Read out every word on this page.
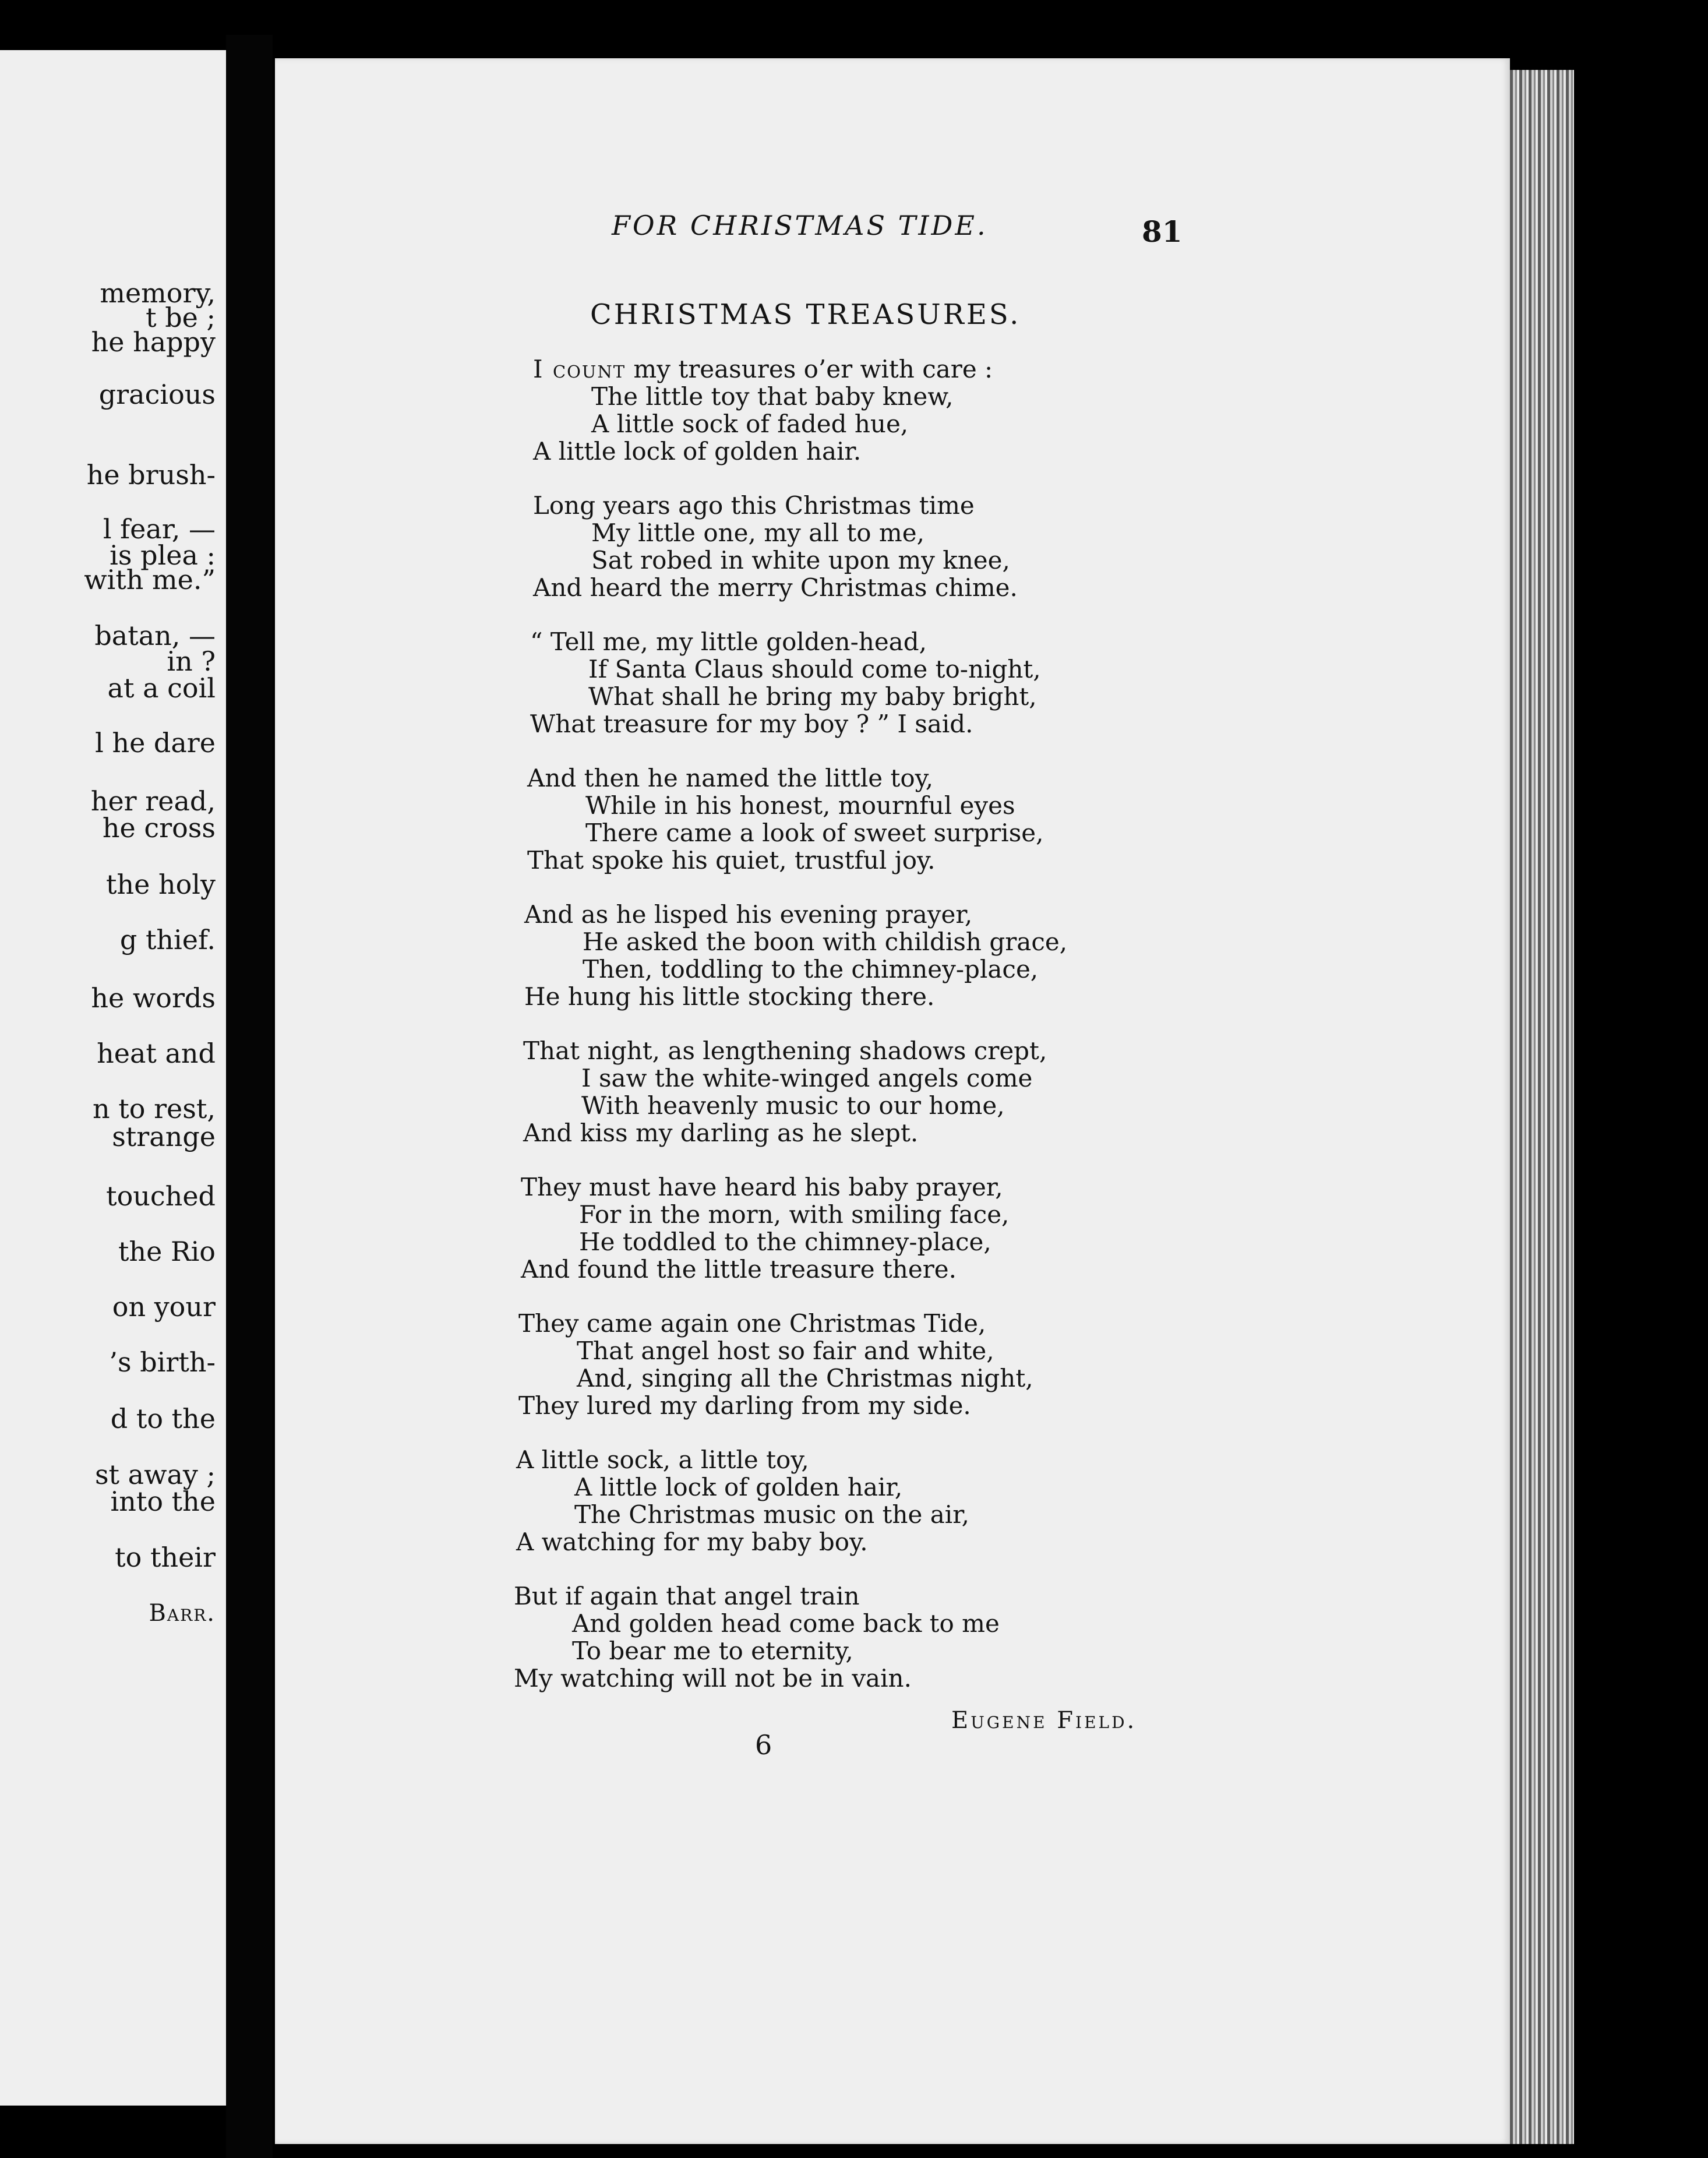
memory,
t be ;
he happy
gracious
he brush-
l fear, —
is plea :
with me.”
batan, —
in ?
at a coil
l he dare
her read,
he cross
the holy
g thief.
he words
heat and
n to rest,
strange
touched
the Rio
on your
’s birth-
d to the
st away ;
into the
to their
Barr.
FOR CHRISTMAS TIDE.	81
CHRISTMAS TREASURES.
I count my treasures o’er with care :
The little toy that baby knew,
A little sock of faded hue,
A little lock of golden hair.
Long years ago this Christmas time
My little one, my all to me,
Sat robed in white upon my knee,
And heard the merry Christmas chime.
“ Tell me, my little golden-head,
If Santa Claus should come to-night,
What shall he bring my baby bright,
What treasure for my boy ? ” I said.
And then he named the little toy,
While in his honest, mournful eyes
There came a look of sweet surprise,
That spoke his quiet, trustful joy.
And as he lisped his evening prayer,
He asked the boon with childish grace,
Then, toddling to the chimney-place,
He hung his little stocking there.
That night, as lengthening shadows crept,
I saw the white-winged angels come
With heavenly music to our home,
And kiss my darling as he slept.
They must have heard his baby prayer,
For in the morn, with smiling face,
He toddled to the chimney-place,
And found the little treasure there.
They came again one Christmas Tide,
That angel host so fair and white,
And, singing all the Christmas night,
They lured my darling from my side.
A little sock, a little toy,
A little lock of golden hair,
The Christmas music on the air,
A watching for my baby boy.
But if again that angel train
And golden head come back to me
To bear me to eternity,
My watching will not be in vain.
Eugene Field.
6
